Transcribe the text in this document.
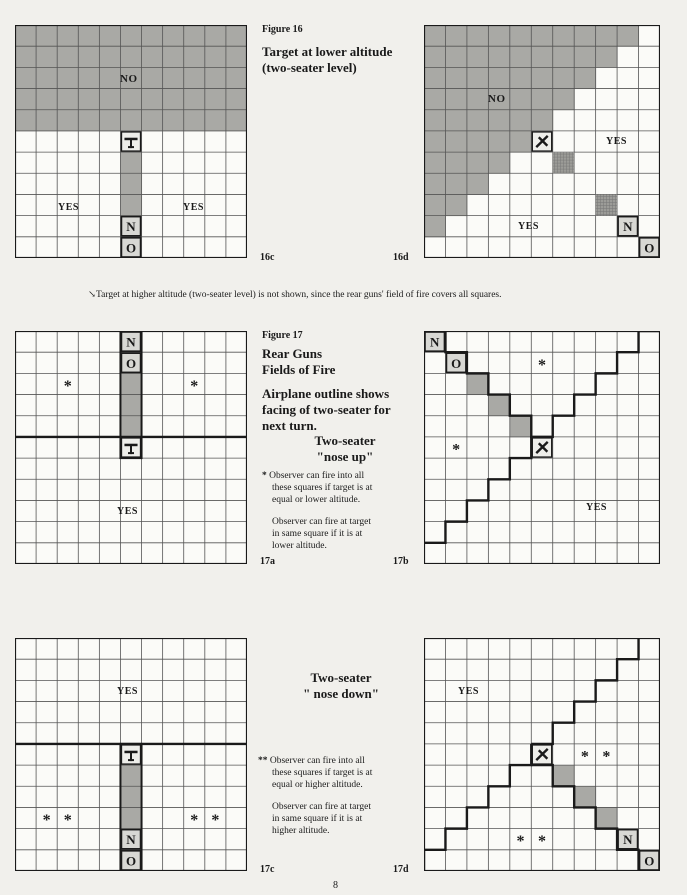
N
O
NO
YES	YES
16c
Figure 16
Target at lower altitude
(two-seater level)
N
O
NO
YES
YES
16d
↘Target at higher altitude (two-seater level) is not shown, since the rear guns' field of fire covers all squares.
N
O
*	*
YES
17a
Figure 17
Rear Guns
Fields of Fire
Airplane outline shows
facing of two-seater for
next turn.
Two-seater
"nose up"
* Observer can fire into all
these squares if target is at
equal or lower altitude.
Observer can fire at target
in same square if it is at
lower altitude.
N
O	*
*
YES
17b
N
O
* *	* *
YES
17c
Two-seater
" nose down"
** Observer can fire into all
these squares if target is at
equal or higher altitude.
Observer can fire at target
in same square if it is at
higher altitude.
N
O
* *
* *
YES
17d
8
